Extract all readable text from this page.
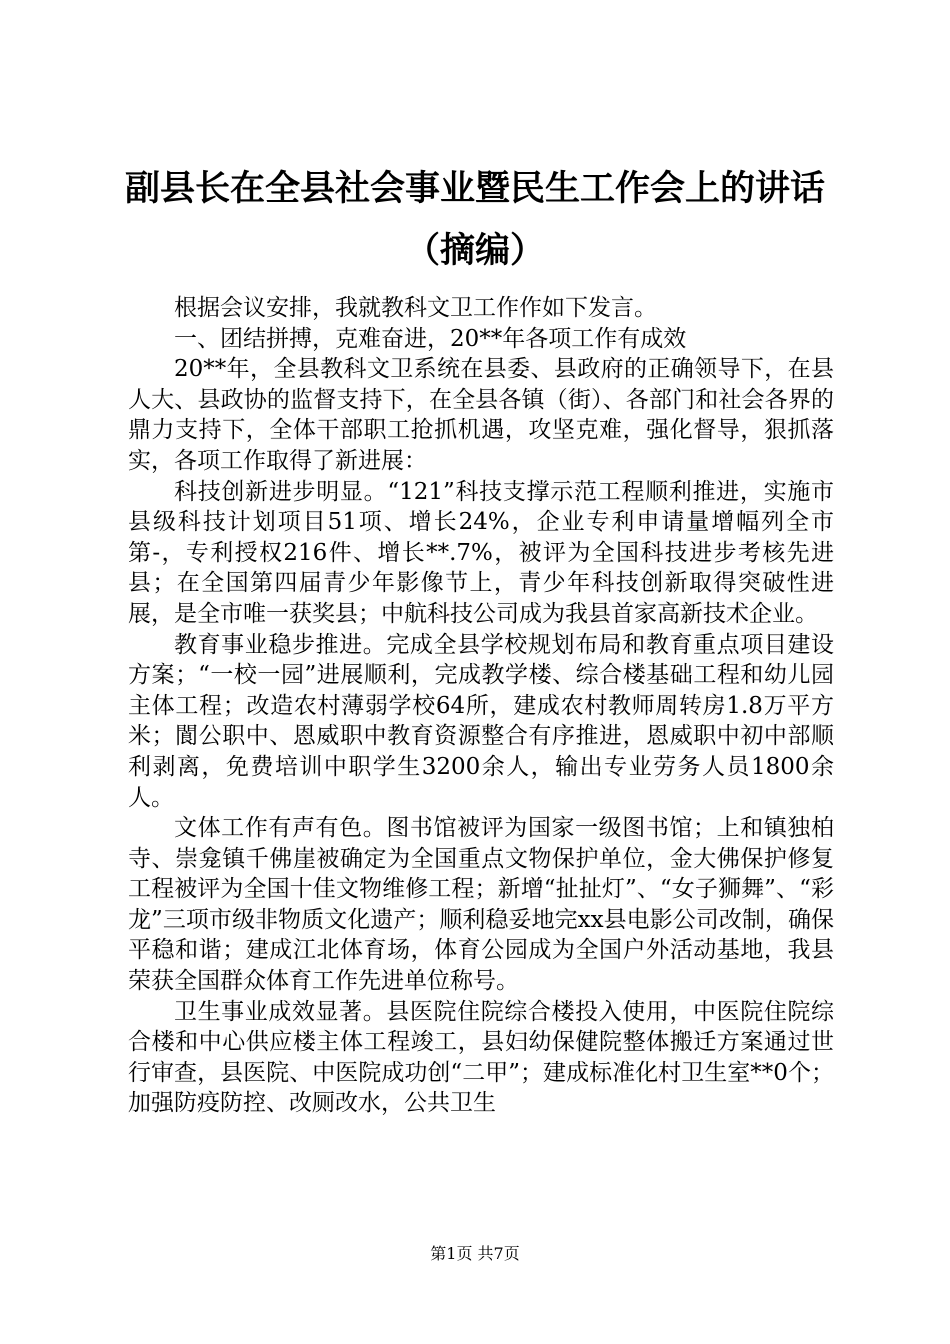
副县长在全县社会事业暨民生工作会上的讲话
（摘编）

根据会议安排，我就教科文卫工作作如下发言。

一、团结拼搏，克难奋进，20**年各项工作有成效

20**年，全县教科文卫系统在县委、县政府的正确领导下，在县人大、县政协的监督支持下，在全县各镇（街）、各部门和社会各界的鼎力支持下，全体干部职工抢抓机遇，攻坚克难，强化督导，狠抓落实，各项工作取得了新进展：

科技创新进步明显。“121”科技支撑示范工程顺利推进，实施市县级科技计划项目51项、增长24%，企业专利申请量增幅列全市第-，专利授权216件、增长**.7%，被评为全国科技进步考核先进县；在全国第四届青少年影像节上，青少年科技创新取得突破性进展，是全市唯一获奖县；中航科技公司成为我县首家高新技术企业。

教育事业稳步推进。完成全县学校规划布局和教育重点项目建设方案；“一校一园”进展顺利，完成教学楼、综合楼基础工程和幼儿园主体工程；改造农村薄弱学校64所，建成农村教师周转房1.8万平方米；閬公职中、恩威职中教育资源整合有序推进，恩威职中初中部顺利剥离，免费培训中职学生3200余人，输出专业劳务人员1800余人。

文体工作有声有色。图书馆被评为国家一级图书馆；上和镇独柏寺、崇龛镇千佛崖被确定为全国重点文物保护单位，金大佛保护修复工程被评为全国十佳文物维修工程；新增“扯扯灯”、“女子狮舞”、“彩龙”三项市级非物质文化遗产；顺利稳妥地完xx县电影公司改制，确保平稳和谐；建成江北体育场，体育公园成为全国户外活动基地，我县荣获全国群众体育工作先进单位称号。

卫生事业成效显著。县医院住院综合楼投入使用，中医院住院综合楼和中心供应楼主体工程竣工，县妇幼保健院整体搬迁方案通过世行审查，县医院、中医院成功创“二甲”；建成标准化村卫生室**0个；加强防疫防控、改厕改水，公共卫生

第1页 共7页
